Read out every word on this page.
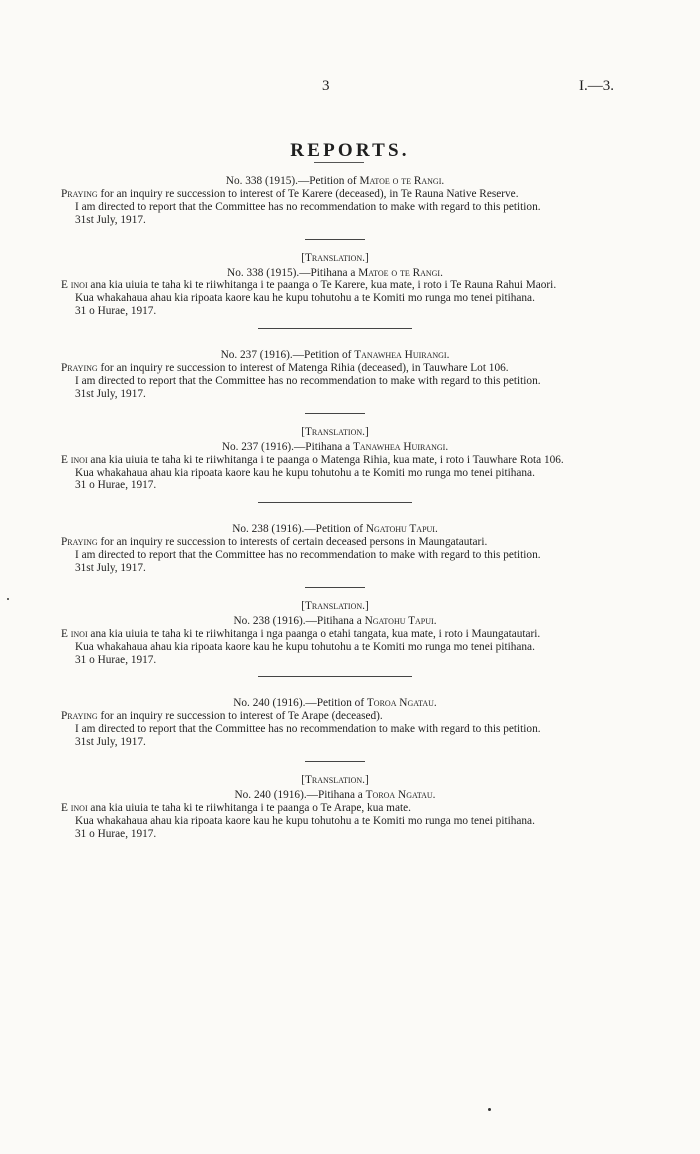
3	I.—3.
REPORTS.

No. 338 (1915).—Petition of Matoe o te Rangi.

Praying for an inquiry re succession to interest of Te Karere (deceased), in Te Rauna Native Reserve.

I am directed to report that the Committee has no recommendation to make with regard to this petition.

31st July, 1917.

[Translation.]

No. 338 (1915).—Pitihana a Matoe o te Rangi.

E inoi ana kia uiuia te taha ki te riiwhitanga i te paanga o Te Karere, kua mate, i roto i Te Rauna Rahui Maori.

Kua whakahaua ahau kia ripoata kaore kau he kupu tohutohu a te Komiti mo runga mo tenei pitihana.

31 o Hurae, 1917.

No. 237 (1916).—Petition of Tanawhea Huirangi.

Praying for an inquiry re succession to interest of Matenga Rihia (deceased), in Tauwhare Lot 106.

I am directed to report that the Committee has no recommendation to make with regard to this petition.

31st July, 1917.

[Translation.]

No. 237 (1916).—Pitihana a Tanawhea Huirangi.

E inoi ana kia uiuia te taha ki te riiwhitanga i te paanga o Matenga Rihia, kua mate, i roto i Tauwhare Rota 106.

Kua whakahaua ahau kia ripoata kaore kau he kupu tohutohu a te Komiti mo runga mo tenei pitihana.

31 o Hurae, 1917.

No. 238 (1916).—Petition of Ngatohu Tapui.

Praying for an inquiry re succession to interests of certain deceased persons in Maungatautari.

I am directed to report that the Committee has no recommendation to make with regard to this petition.

31st July, 1917.

[Translation.]

No. 238 (1916).—Pitihana a Ngatohu Tapui.

E inoi ana kia uiuia te taha ki te riiwhitanga i nga paanga o etahi tangata, kua mate, i roto i Maungatautari.

Kua whakahaua ahau kia ripoata kaore kau he kupu tohutohu a te Komiti mo runga mo tenei pitihana.

31 o Hurae, 1917.

No. 240 (1916).—Petition of Toroa Ngatau.

Praying for an inquiry re succession to interest of Te Arape (deceased).

I am directed to report that the Committee has no recommendation to make with regard to this petition.

31st July, 1917.

[Translation.]

No. 240 (1916).—Pitihana a Toroa Ngatau.

E inoi ana kia uiuia te taha ki te riiwhitanga i te paanga o Te Arape, kua mate.

Kua whakahaua ahau kia ripoata kaore kau he kupu tohutohu a te Komiti mo runga mo tenei pitihana.

31 o Hurae, 1917.
